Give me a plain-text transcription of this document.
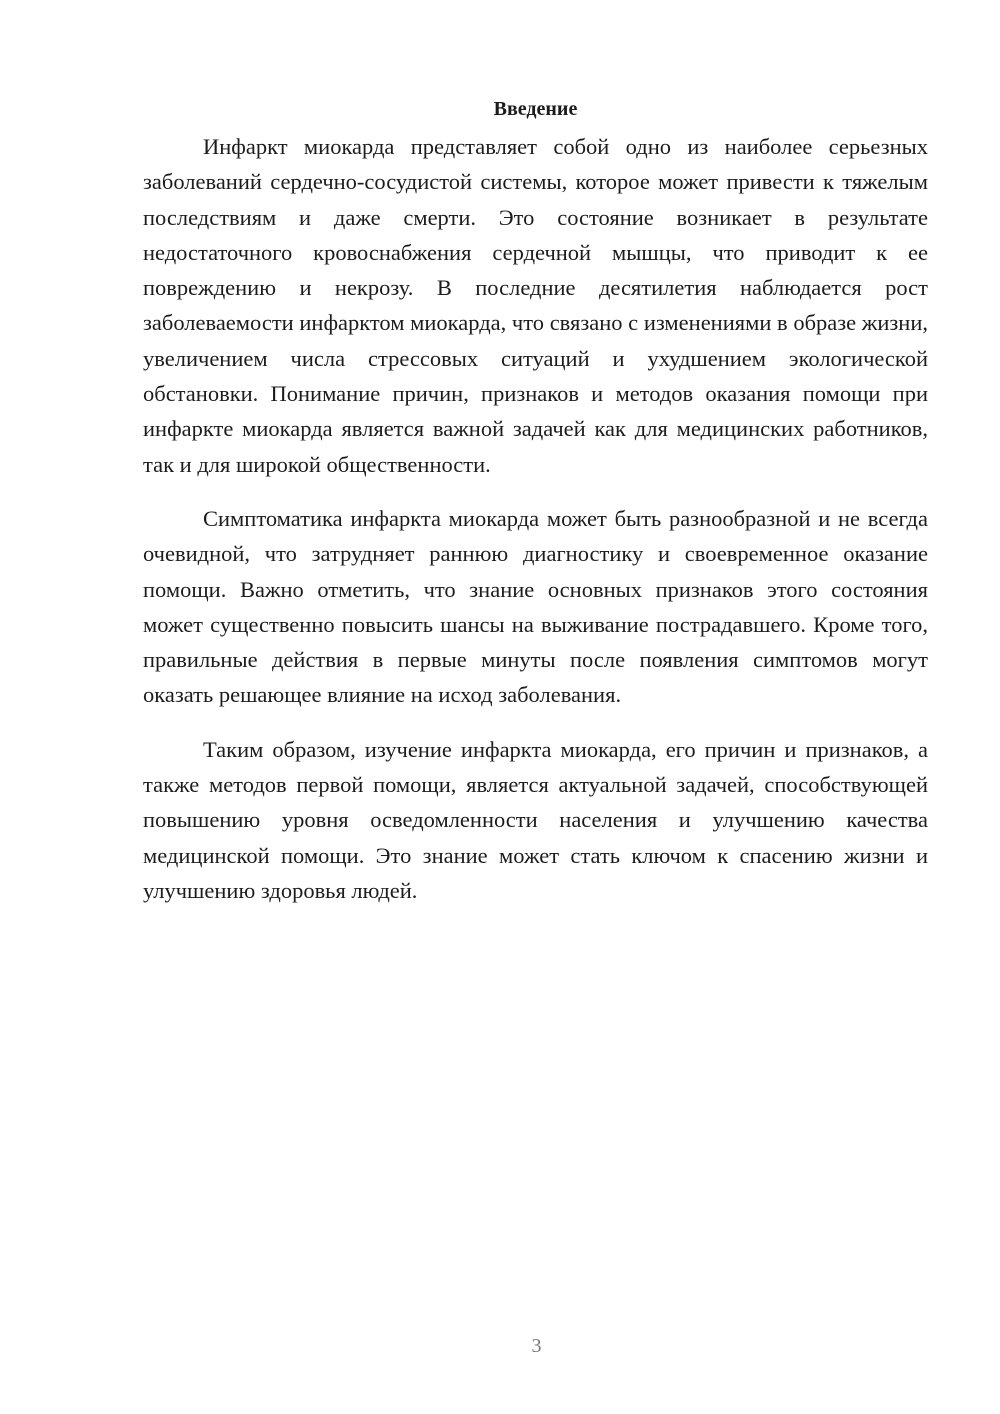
Введение

Инфаркт миокарда представляет собой одно из наиболее серьезных заболеваний сердечно-сосудистой системы, которое может привести к тяжелым последствиям и даже смерти. Это состояние возникает в результате недостаточного кровоснабжения сердечной мышцы, что приводит к ее повреждению и некрозу. В последние десятилетия наблюдается рост заболеваемости инфарктом миокарда, что связано с изменениями в образе жизни, увеличением числа стрессовых ситуаций и ухудшением экологической обстановки. Понимание причин, признаков и методов оказания помощи при инфаркте миокарда является важной задачей как для медицинских работников, так и для широкой общественности.

Симптоматика инфаркта миокарда может быть разнообразной и не всегда очевидной, что затрудняет раннюю диагностику и своевременное оказание помощи. Важно отметить, что знание основных признаков этого состояния может существенно повысить шансы на выживание пострадавшего. Кроме того, правильные действия в первые минуты после появления симптомов могут оказать решающее влияние на исход заболевания.

Таким образом, изучение инфаркта миокарда, его причин и признаков, а также методов первой помощи, является актуальной задачей, способствующей повышению уровня осведомленности населения и улучшению качества медицинской помощи. Это знание может стать ключом к спасению жизни и улучшению здоровья людей.

3
